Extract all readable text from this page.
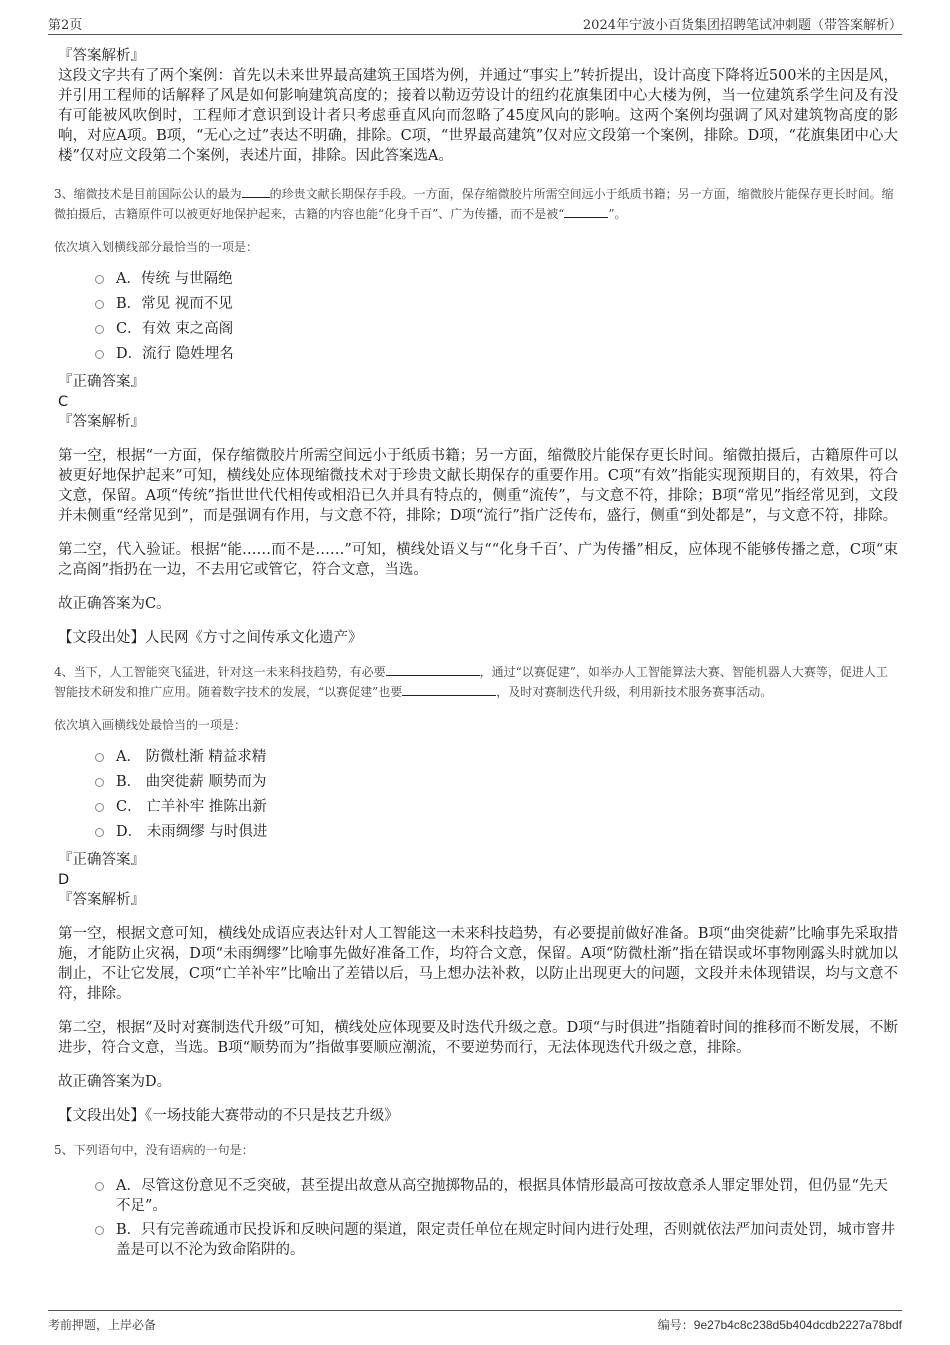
第2页	2024年宁波小百货集团招聘笔试冲刺题（带答案解析）

『答案解析』

这段文字共有了两个案例：首先以未来世界最高建筑王国塔为例，并通过“事实上”转折提出，设计高度下降将近500米的主因是风，并引用工程师的话解释了风是如何影响建筑高度的；接着以勒迈劳设计的纽约花旗集团中心大楼为例，当一位建筑系学生问及有没有可能被风吹倒时，工程师才意识到设计者只考虑垂直风向而忽略了45度风向的影响。这两个案例均强调了风对建筑物高度的影响，对应A项。B项，“无心之过”表达不明确，排除。C项，“世界最高建筑”仅对应文段第一个案例，排除。D项，“花旗集团中心大楼”仅对应文段第二个案例，表述片面，排除。因此答案选A。

3、缩微技术是目前国际公认的最为 的珍贵文献长期保存手段。一方面，保存缩微胶片所需空间远小于纸质书籍；另一方面，缩微胶片能保存更长时间。缩微拍摄后，古籍原件可以被更好地保护起来，古籍的内容也能“化身千百”、广为传播，而不是被“	”。

依次填入划横线部分最恰当的一项是：

A．传统 与世隔绝
B．常见 视而不见
C．有效 束之高阁
D．流行 隐姓埋名

『正确答案』

C

『答案解析』

第一空，根据“一方面，保存缩微胶片所需空间远小于纸质书籍；另一方面，缩微胶片能保存更长时间。缩微拍摄后，古籍原件可以被更好地保护起来”可知，横线处应体现缩微技术对于珍贵文献长期保存的重要作用。C项“有效”指能实现预期目的，有效果，符合文意，保留。A项“传统”指世世代代相传或相沿已久并具有特点的，侧重“流传”，与文意不符，排除；B项“常见”指经常见到，文段并未侧重“经常见到”，而是强调有作用，与文意不符，排除；D项“流行”指广泛传布，盛行，侧重“到处都是”，与文意不符，排除。

第二空，代入验证。根据“能……而不是……”可知，横线处语义与““化身千百’、广为传播”相反，应体现不能够传播之意，C项“束之高阁”指扔在一边，不去用它或管它，符合文意，当选。

故正确答案为C。

【文段出处】人民网《方寸之间传承文化遗产》

4、当下，人工智能突飞猛进，针对这一未来科技趋势，有必要	，通过“以赛促建”，如举办人工智能算法大赛、智能机器人大赛等，促进人工智能技术研发和推广应用。随着数字技术的发展，“以赛促建”也要	，及时对赛制迭代升级，利用新技术服务赛事活动。

依次填入画横线处最恰当的一项是：

A． 防微杜渐 精益求精
B． 曲突徙薪 顺势而为
C． 亡羊补牢 推陈出新
D． 未雨绸缪 与时俱进

『正确答案』

D

『答案解析』

第一空，根据文意可知，横线处成语应表达针对人工智能这一未来科技趋势，有必要提前做好准备。B项“曲突徙薪”比喻事先采取措施，才能防止灾祸，D项“未雨绸缪”比喻事先做好准备工作，均符合文意，保留。A项“防微杜渐”指在错误或坏事物刚露头时就加以制止，不让它发展，C项“亡羊补牢”比喻出了差错以后，马上想办法补救，以防止出现更大的问题，文段并未体现错误，均与文意不符，排除。

第二空，根据“及时对赛制迭代升级”可知，横线处应体现要及时迭代升级之意。D项“与时俱进”指随着时间的推移而不断发展，不断进步，符合文意，当选。B项“顺势而为”指做事要顺应潮流，不要逆势而行，无法体现迭代升级之意，排除。

故正确答案为D。

【文段出处】《一场技能大赛带动的不只是技艺升级》

5、下列语句中，没有语病的一句是：

A．尽管这份意见不乏突破，甚至提出故意从高空抛掷物品的，根据具体情形最高可按故意杀人罪定罪处罚，但仍显“先天不足”。
B．只有完善疏通市民投诉和反映问题的渠道，限定责任单位在规定时间内进行处理，否则就依法严加问责处罚，城市窨井盖是可以不沦为致命陷阱的。
考前押题，上岸必备	编号：9e27b4c8c238d5b404dcdb2227a78bdf
